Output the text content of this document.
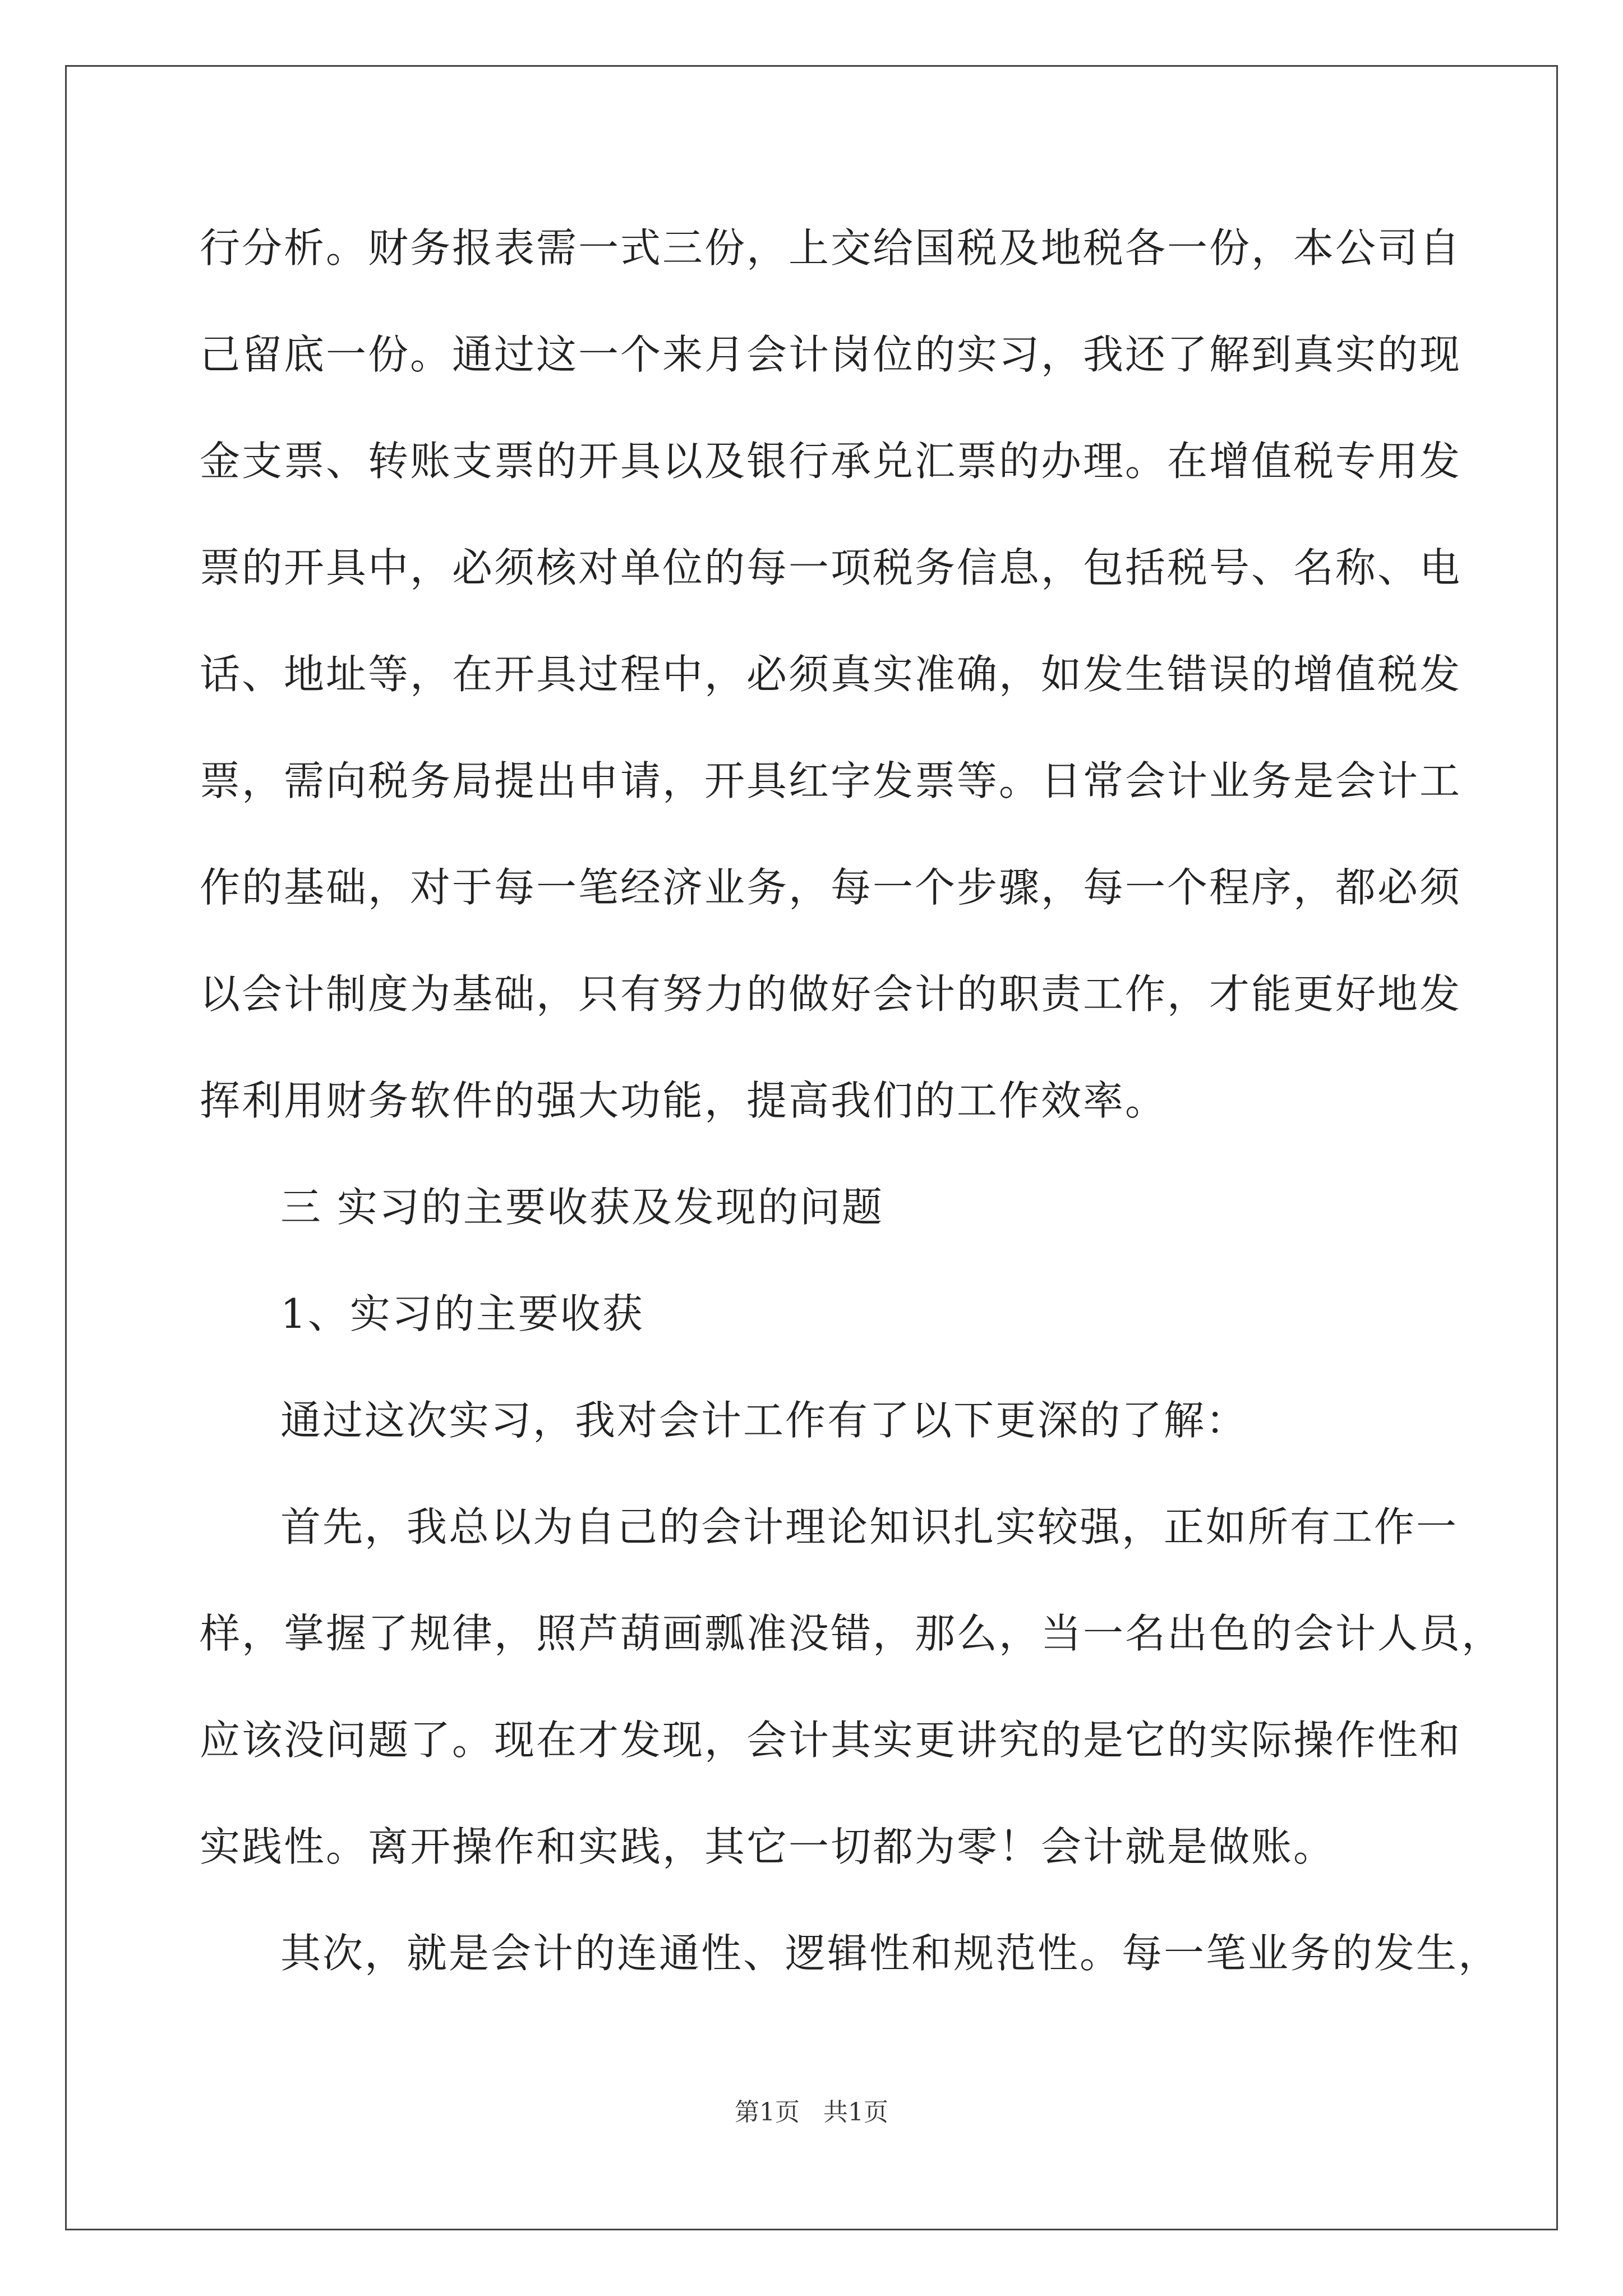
行分析。财务报表需一式三份，上交给国税及地税各一份，本公司自
己留底一份。通过这一个来月会计岗位的实习，我还了解到真实的现
金支票、转账支票的开具以及银行承兑汇票的办理。在增值税专用发
票的开具中，必须核对单位的每一项税务信息，包括税号、名称、电
话、地址等，在开具过程中，必须真实准确，如发生错误的增值税发
票，需向税务局提出申请，开具红字发票等。日常会计业务是会计工
作的基础，对于每一笔经济业务，每一个步骤，每一个程序，都必须
以会计制度为基础，只有努力的做好会计的职责工作，才能更好地发
挥利用财务软件的强大功能，提高我们的工作效率。
三 实习的主要收获及发现的问题
1、实习的主要收获
通过这次实习，我对会计工作有了以下更深的了解：
首先，我总以为自己的会计理论知识扎实较强，正如所有工作一
样，掌握了规律，照芦葫画瓢准没错，那么，当一名出色的会计人员，
应该没问题了。现在才发现，会计其实更讲究的是它的实际操作性和
实践性。离开操作和实践，其它一切都为零！会计就是做账。
其次，就是会计的连通性、逻辑性和规范性。每一笔业务的发生，
第1页 共1页
